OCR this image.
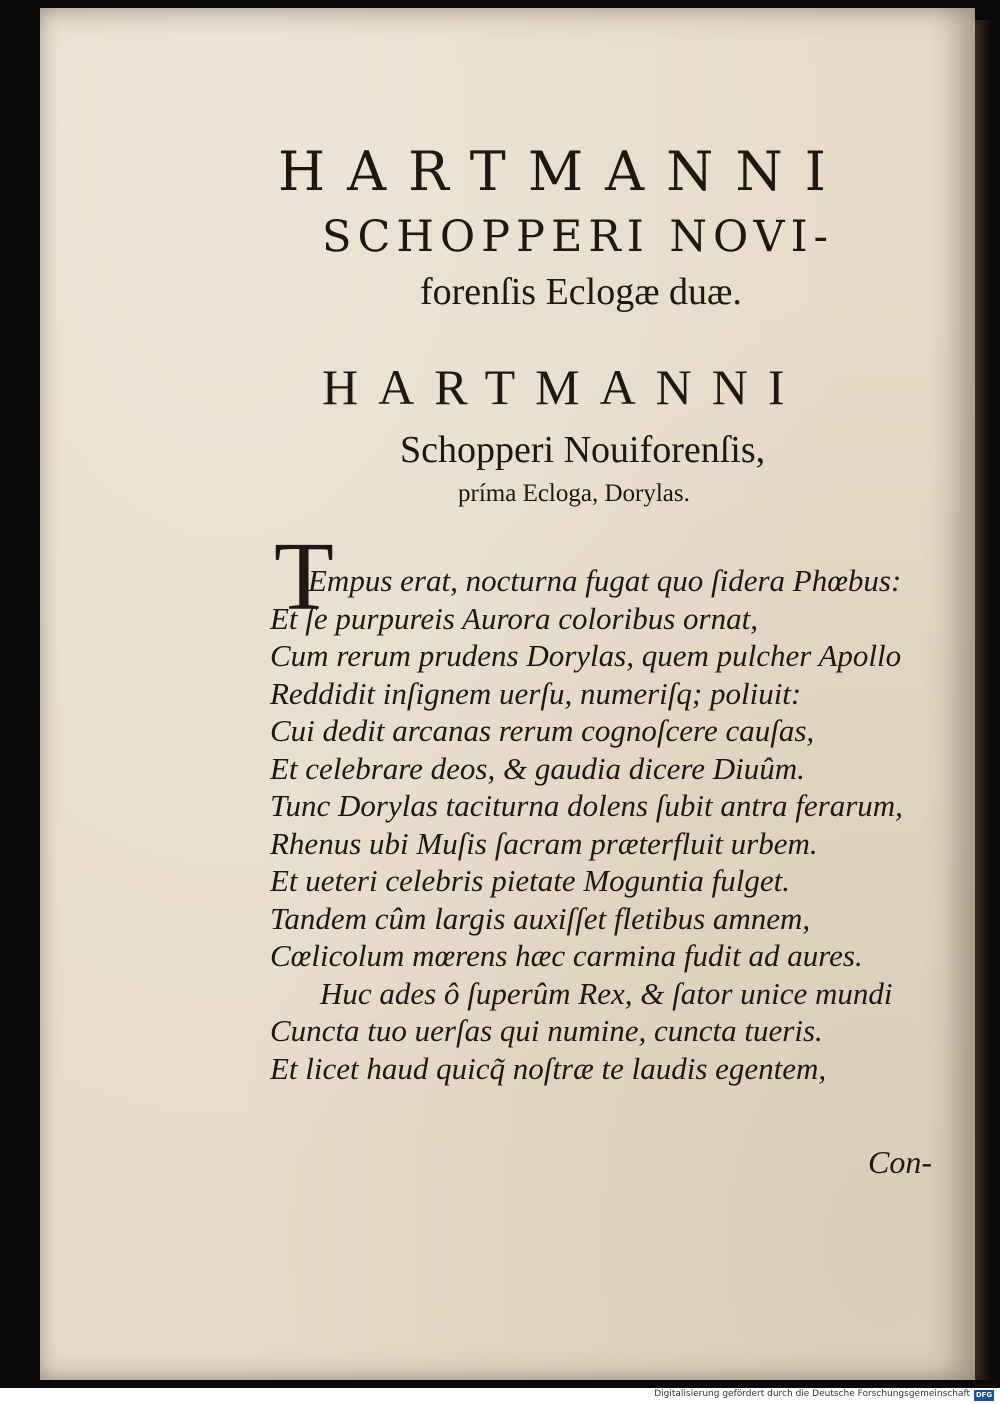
HARTMANNI
SCHOPPERI NOVI-
forenſis Eclogæ duæ.
HARTMANNI
Schopperi Nouiforenſis,
príma Ecloga, Dorylas.
T
Empus erat, nocturna fugat quo ſidera Phœbus:
Et ſe purpureis Aurora coloribus ornat,
Cum rerum prudens Dorylas, quem pulcher Apollo
Reddidit inſignem uerſu, numeriſq; poliuit:
Cui dedit arcanas rerum cognoſcere cauſas,
Et celebrare deos, & gaudia dicere Diuûm.
Tunc Dorylas taciturna dolens ſubit antra ferarum,
Rhenus ubi Muſis ſacram præterfluit urbem.
Et ueteri celebris pietate Moguntia fulget.
Tandem cûm largis auxiſſet fletibus amnem,
Cœlicolum mœrens hæc carmina fudit ad aures.
Huc ades ô ſuperûm Rex, & ſator unice mundi
Cuncta tuo uerſas qui numine, cuncta tueris.
Et licet haud quicq̃ noſtræ te laudis egentem,
Con-
Digitalisierung gefördert durch die Deutsche Forschungsgemeinschaft DFG
